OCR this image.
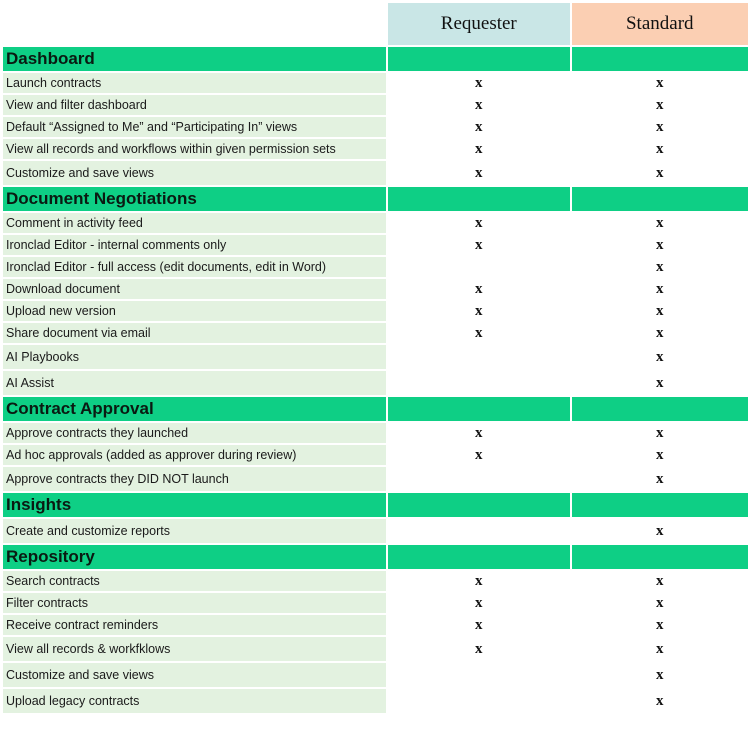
	Requester	Standard
Dashboard		
Launch contracts	x	x
View and filter dashboard	x	x
Default “Assigned to Me” and “Participating In” views	x	x
View all records and workflows within given permission sets	x	x
Customize and save views	x	x
Document Negotiations		
Comment in activity feed	x	x
Ironclad Editor - internal comments only	x	x
Ironclad Editor - full access (edit documents, edit in Word)		x
Download document	x	x
Upload new version	x	x
Share document via email	x	x
AI Playbooks		x
AI Assist		x
Contract Approval		
Approve contracts they launched	x	x
Ad hoc approvals (added as approver during review)	x	x
Approve contracts they DID NOT launch		x
Insights		
Create and customize reports		x
Repository		
Search contracts	x	x
Filter contracts	x	x
Receive contract reminders	x	x
View all records & workfklows	x	x
Customize and save views		x
Upload legacy contracts		x
